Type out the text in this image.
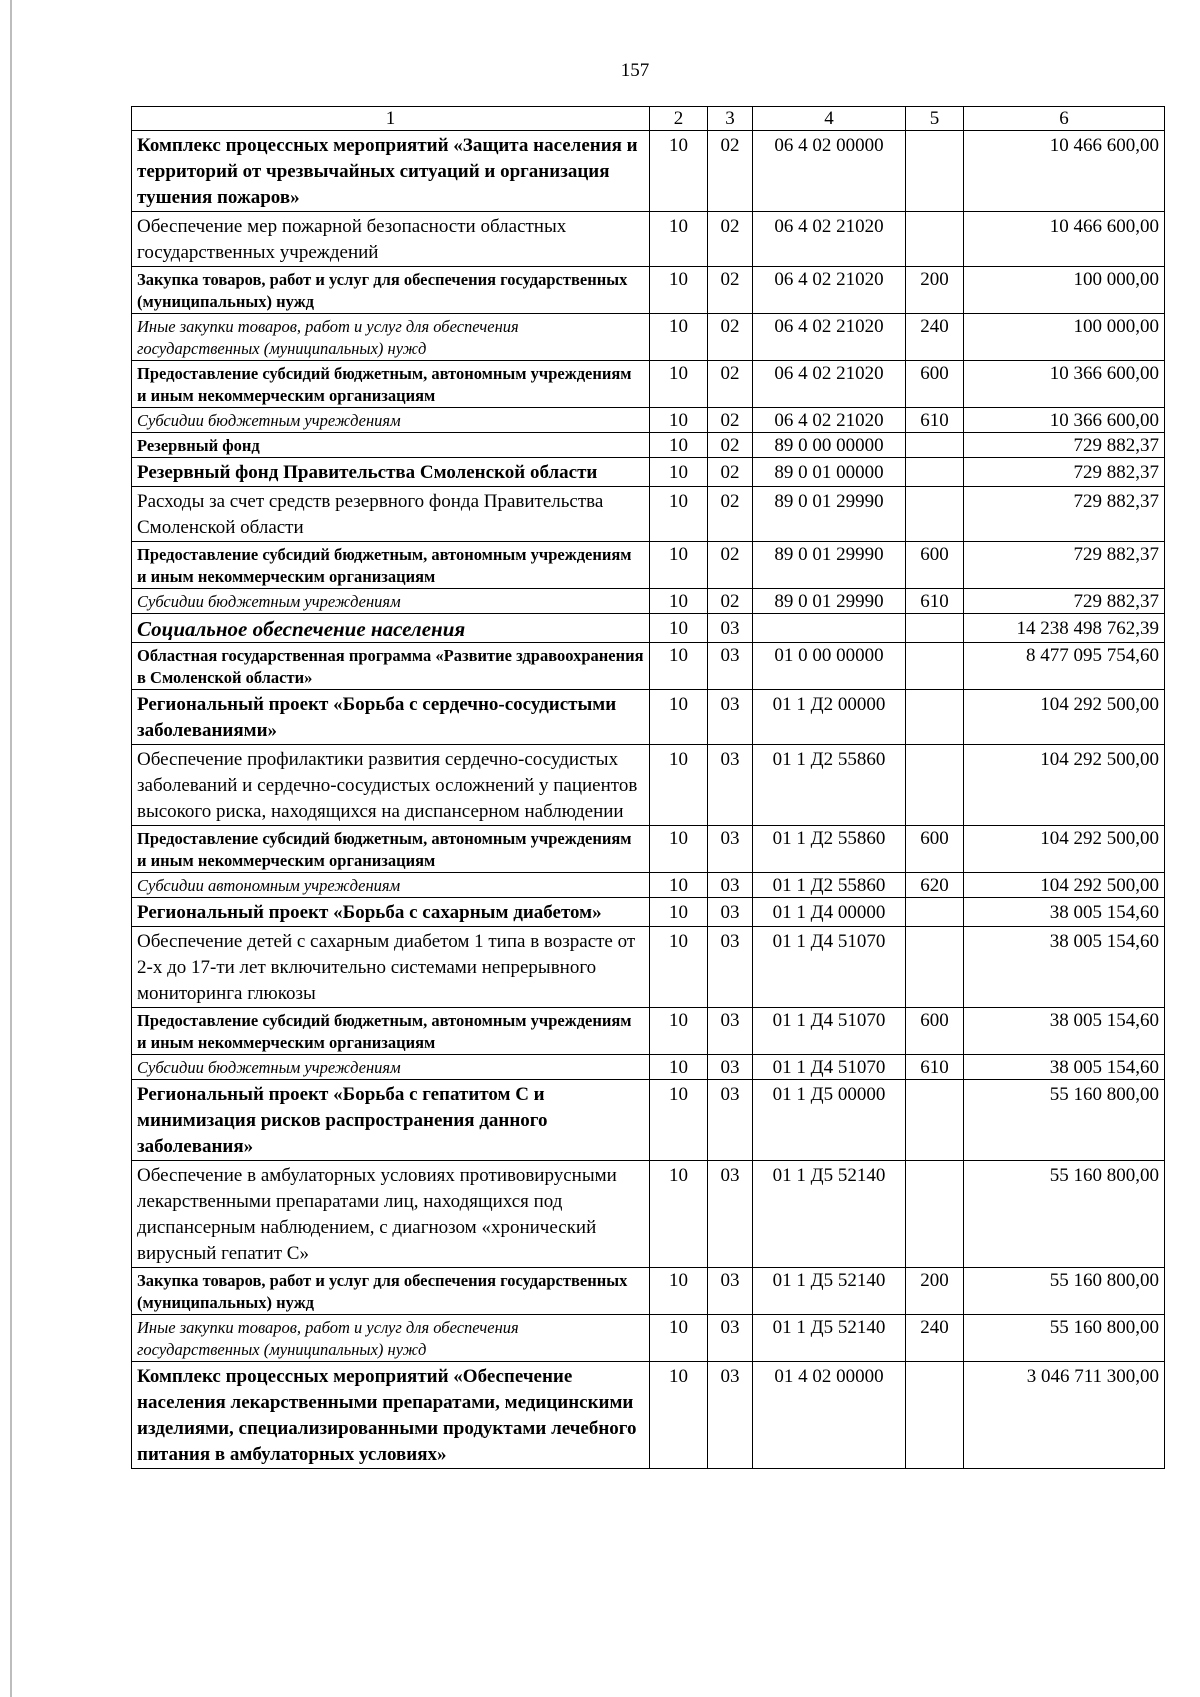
157
1	2	3	4	5	6
Комплекс процессных мероприятий «Защита населения и территорий от чрезвычайных ситуаций и организация тушения пожаров»	10	02	06 4 02 00000		10 466 600,00
Обеспечение мер пожарной безопасности областных государственных учреждений	10	02	06 4 02 21020		10 466 600,00
Закупка товаров, работ и услуг для обеспечения государственных (муниципальных) нужд	10	02	06 4 02 21020	200	100 000,00
Иные закупки товаров, работ и услуг для обеспечения государственных (муниципальных) нужд	10	02	06 4 02 21020	240	100 000,00
Предоставление субсидий бюджетным, автономным учреждениям и иным некоммерческим организациям	10	02	06 4 02 21020	600	10 366 600,00
Субсидии бюджетным учреждениям	10	02	06 4 02 21020	610	10 366 600,00
Резервный фонд	10	02	89 0 00 00000		729 882,37
Резервный фонд Правительства Смоленской области	10	02	89 0 01 00000		729 882,37
Расходы за счет средств резервного фонда Правительства Смоленской области	10	02	89 0 01 29990		729 882,37
Предоставление субсидий бюджетным, автономным учреждениям и иным некоммерческим организациям	10	02	89 0 01 29990	600	729 882,37
Субсидии бюджетным учреждениям	10	02	89 0 01 29990	610	729 882,37
Социальное обеспечение населения	10	03			14 238 498 762,39
Областная государственная программа «Развитие здравоохранения в Смоленской области»	10	03	01 0 00 00000		8 477 095 754,60
Региональный проект «Борьба с сердечно-сосудистыми заболеваниями»	10	03	01 1 Д2 00000		104 292 500,00
Обеспечение профилактики развития сердечно-сосудистых заболеваний и сердечно-сосудистых осложнений у пациентов высокого риска, находящихся на диспансерном наблюдении	10	03	01 1 Д2 55860		104 292 500,00
Предоставление субсидий бюджетным, автономным учреждениям и иным некоммерческим организациям	10	03	01 1 Д2 55860	600	104 292 500,00
Субсидии автономным учреждениям	10	03	01 1 Д2 55860	620	104 292 500,00
Региональный проект «Борьба с сахарным диабетом»	10	03	01 1 Д4 00000		38 005 154,60
Обеспечение детей с сахарным диабетом 1 типа в возрасте от 2-х до 17-ти лет включительно системами непрерывного мониторинга глюкозы	10	03	01 1 Д4 51070		38 005 154,60
Предоставление субсидий бюджетным, автономным учреждениям и иным некоммерческим организациям	10	03	01 1 Д4 51070	600	38 005 154,60
Субсидии бюджетным учреждениям	10	03	01 1 Д4 51070	610	38 005 154,60
Региональный проект «Борьба с гепатитом С и минимизация рисков распространения данного заболевания»	10	03	01 1 Д5 00000		55 160 800,00
Обеспечение в амбулаторных условиях противовирусными лекарственными препаратами лиц, находящихся под диспансерным наблюдением, с диагнозом «хронический вирусный гепатит С»	10	03	01 1 Д5 52140		55 160 800,00
Закупка товаров, работ и услуг для обеспечения государственных (муниципальных) нужд	10	03	01 1 Д5 52140	200	55 160 800,00
Иные закупки товаров, работ и услуг для обеспечения государственных (муниципальных) нужд	10	03	01 1 Д5 52140	240	55 160 800,00
Комплекс процессных мероприятий «Обеспечение населения лекарственными препаратами, медицинскими изделиями, специализированными продуктами лечебного питания в амбулаторных условиях»	10	03	01 4 02 00000		3 046 711 300,00
